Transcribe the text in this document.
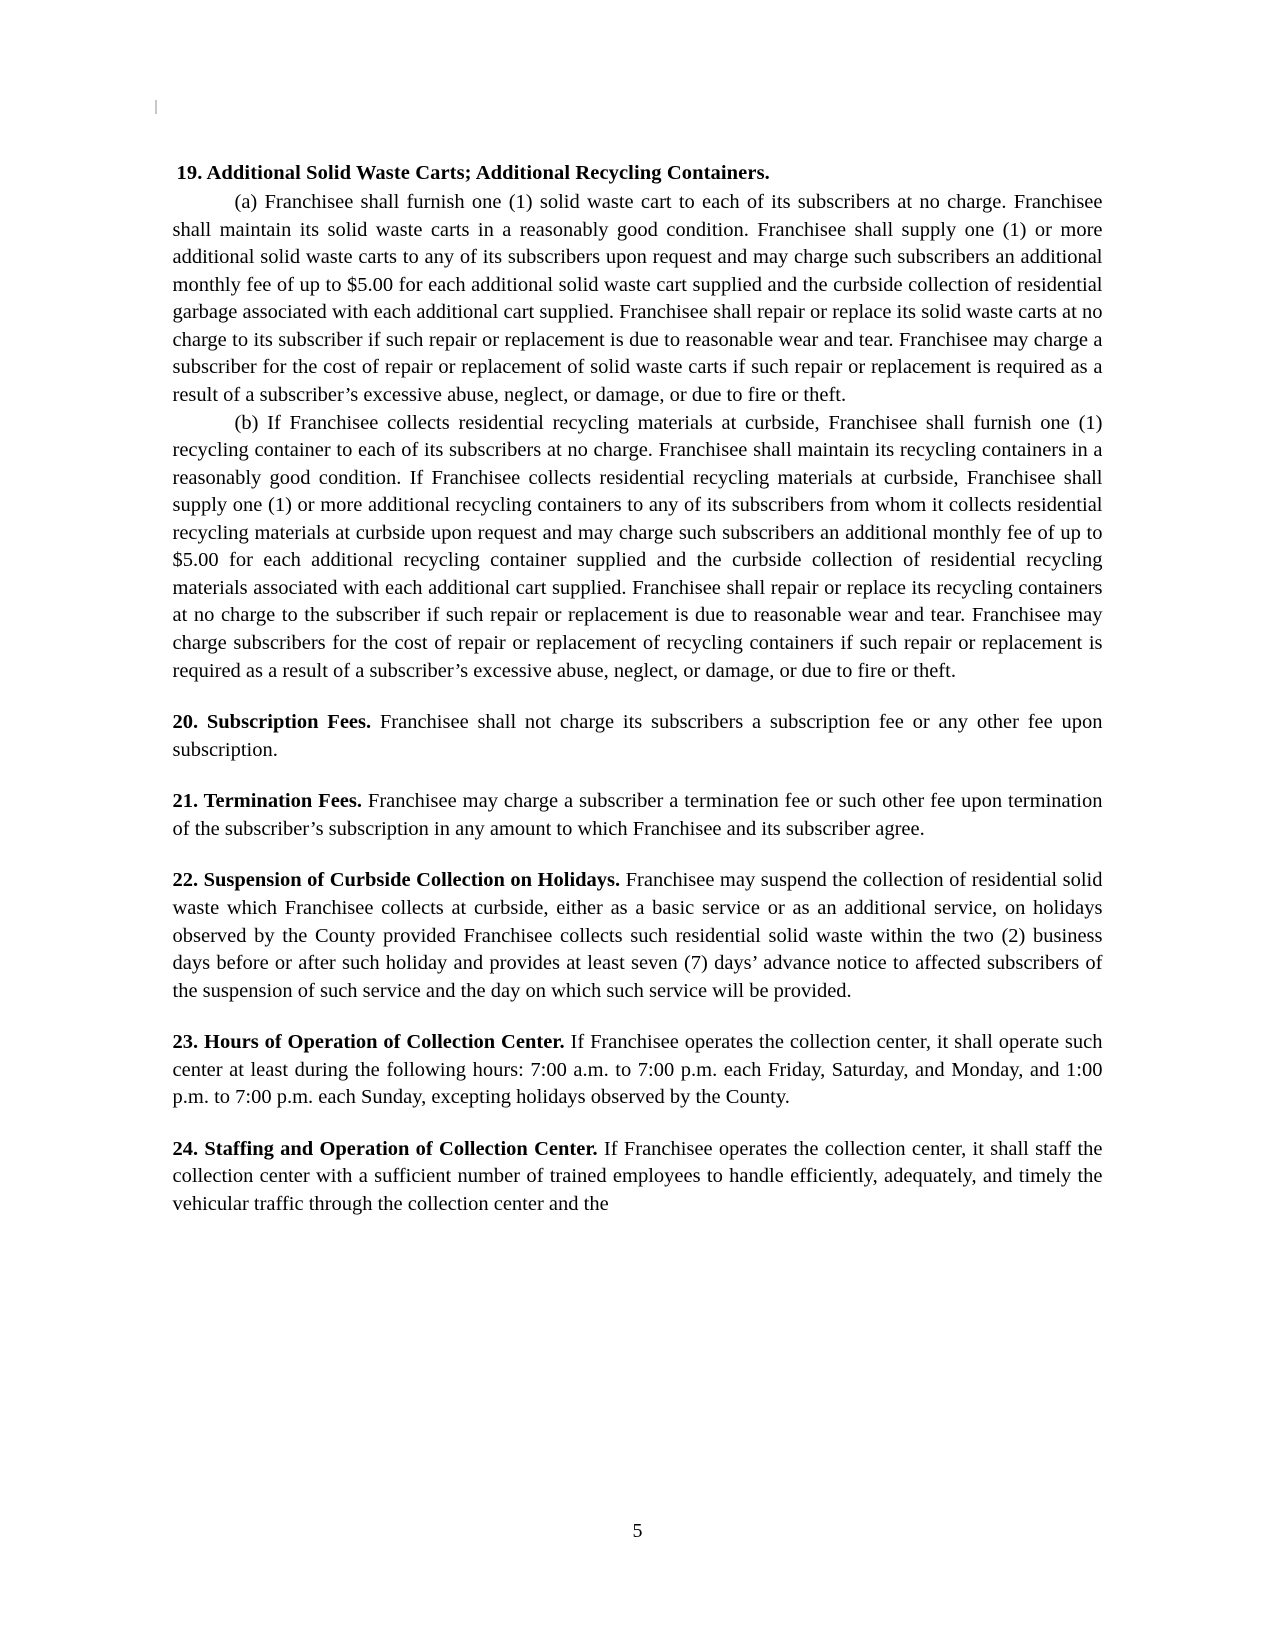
19. Additional Solid Waste Carts; Additional Recycling Containers.

(a) Franchisee shall furnish one (1) solid waste cart to each of its subscribers at no charge. Franchisee shall maintain its solid waste carts in a reasonably good condition. Franchisee shall supply one (1) or more additional solid waste carts to any of its subscribers upon request and may charge such subscribers an additional monthly fee of up to $5.00 for each additional solid waste cart supplied and the curbside collection of residential garbage associated with each additional cart supplied. Franchisee shall repair or replace its solid waste carts at no charge to its subscriber if such repair or replacement is due to reasonable wear and tear. Franchisee may charge a subscriber for the cost of repair or replacement of solid waste carts if such repair or replacement is required as a result of a subscriber’s excessive abuse, neglect, or damage, or due to fire or theft.

(b) If Franchisee collects residential recycling materials at curbside, Franchisee shall furnish one (1) recycling container to each of its subscribers at no charge. Franchisee shall maintain its recycling containers in a reasonably good condition. If Franchisee collects residential recycling materials at curbside, Franchisee shall supply one (1) or more additional recycling containers to any of its subscribers from whom it collects residential recycling materials at curbside upon request and may charge such subscribers an additional monthly fee of up to $5.00 for each additional recycling container supplied and the curbside collection of residential recycling materials associated with each additional cart supplied. Franchisee shall repair or replace its recycling containers at no charge to the subscriber if such repair or replacement is due to reasonable wear and tear. Franchisee may charge subscribers for the cost of repair or replacement of recycling containers if such repair or replacement is required as a result of a subscriber’s excessive abuse, neglect, or damage, or due to fire or theft.

20. Subscription Fees. Franchisee shall not charge its subscribers a subscription fee or any other fee upon subscription.

21. Termination Fees. Franchisee may charge a subscriber a termination fee or such other fee upon termination of the subscriber’s subscription in any amount to which Franchisee and its subscriber agree.

22. Suspension of Curbside Collection on Holidays. Franchisee may suspend the collection of residential solid waste which Franchisee collects at curbside, either as a basic service or as an additional service, on holidays observed by the County provided Franchisee collects such residential solid waste within the two (2) business days before or after such holiday and provides at least seven (7) days’ advance notice to affected subscribers of the suspension of such service and the day on which such service will be provided.

23. Hours of Operation of Collection Center. If Franchisee operates the collection center, it shall operate such center at least during the following hours: 7:00 a.m. to 7:00 p.m. each Friday, Saturday, and Monday, and 1:00 p.m. to 7:00 p.m. each Sunday, excepting holidays observed by the County.

24. Staffing and Operation of Collection Center. If Franchisee operates the collection center, it shall staff the collection center with a sufficient number of trained employees to handle efficiently, adequately, and timely the vehicular traffic through the collection center and the

5
